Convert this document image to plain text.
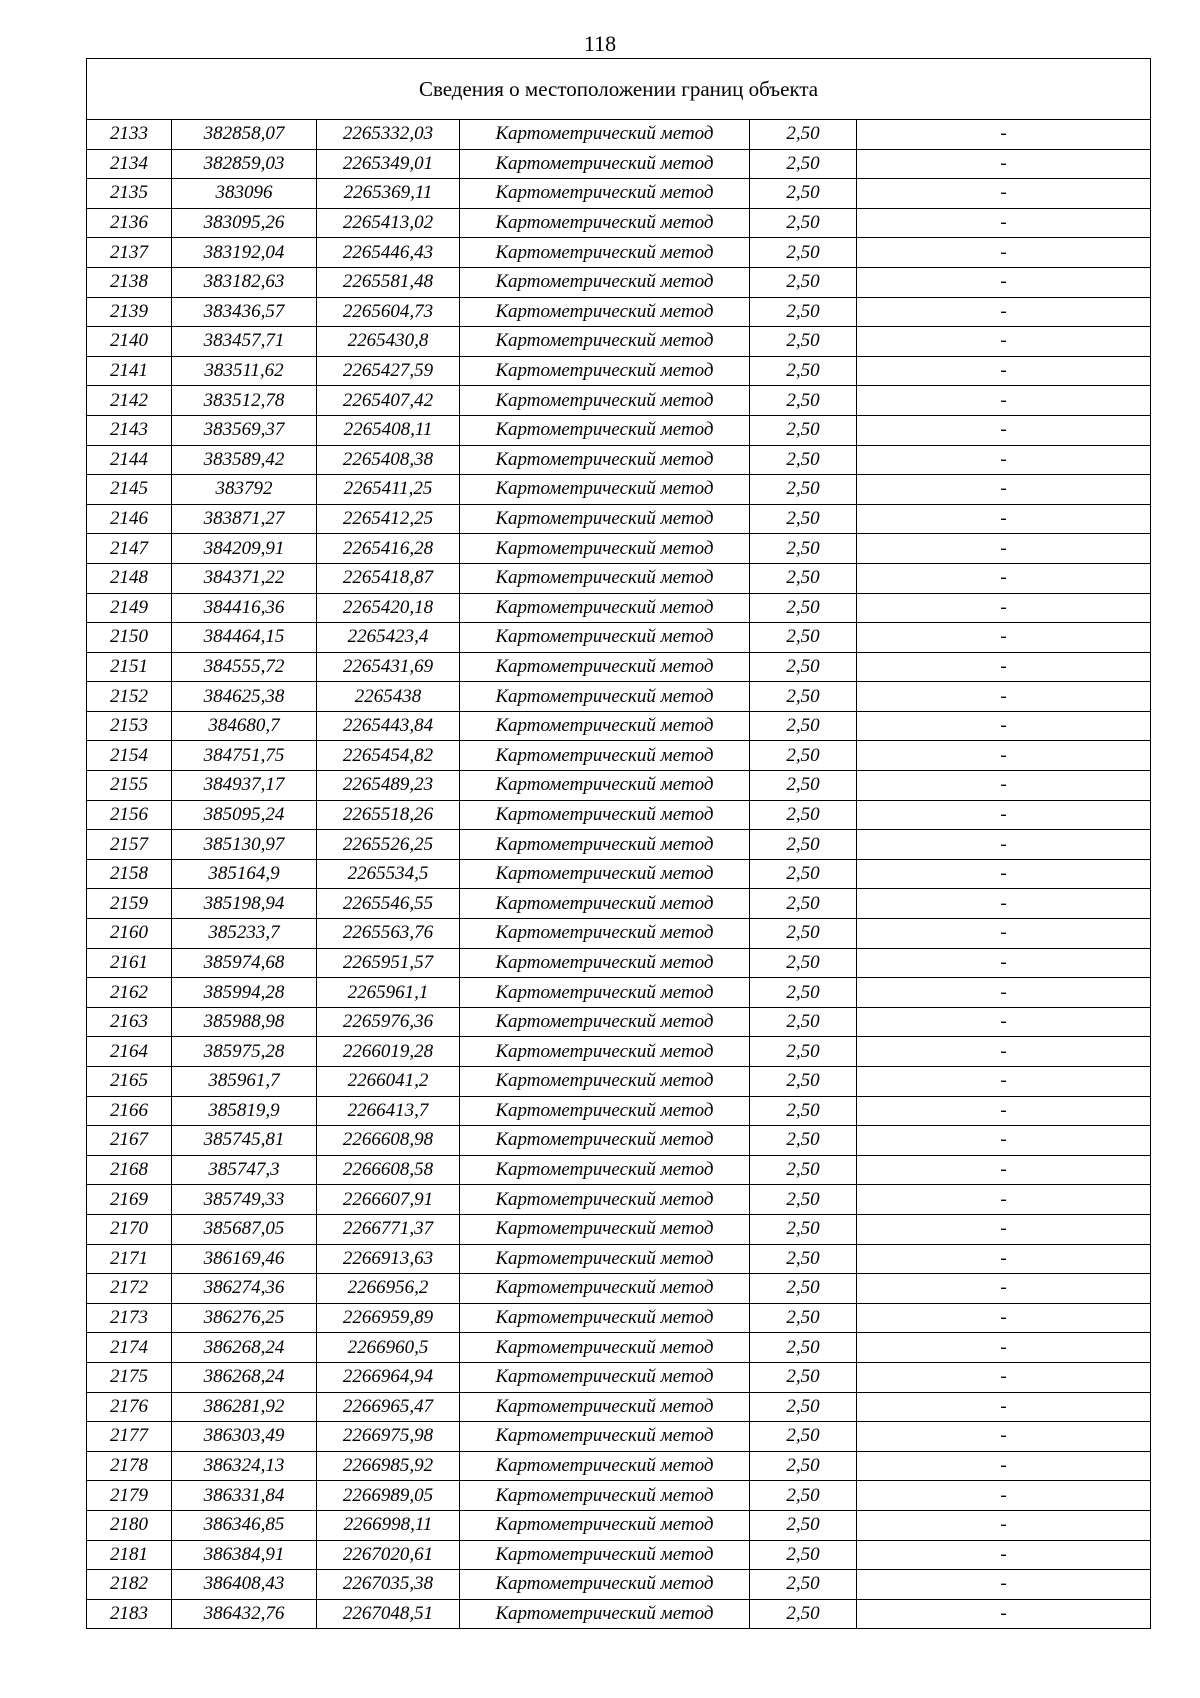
118
Сведения о местоположении границ объекта					
2133	382858,07	2265332,03	Картометрический метод	2,50	-
2134	382859,03	2265349,01	Картометрический метод	2,50	-
2135	383096	2265369,11	Картометрический метод	2,50	-
2136	383095,26	2265413,02	Картометрический метод	2,50	-
2137	383192,04	2265446,43	Картометрический метод	2,50	-
2138	383182,63	2265581,48	Картометрический метод	2,50	-
2139	383436,57	2265604,73	Картометрический метод	2,50	-
2140	383457,71	2265430,8	Картометрический метод	2,50	-
2141	383511,62	2265427,59	Картометрический метод	2,50	-
2142	383512,78	2265407,42	Картометрический метод	2,50	-
2143	383569,37	2265408,11	Картометрический метод	2,50	-
2144	383589,42	2265408,38	Картометрический метод	2,50	-
2145	383792	2265411,25	Картометрический метод	2,50	-
2146	383871,27	2265412,25	Картометрический метод	2,50	-
2147	384209,91	2265416,28	Картометрический метод	2,50	-
2148	384371,22	2265418,87	Картометрический метод	2,50	-
2149	384416,36	2265420,18	Картометрический метод	2,50	-
2150	384464,15	2265423,4	Картометрический метод	2,50	-
2151	384555,72	2265431,69	Картометрический метод	2,50	-
2152	384625,38	2265438	Картометрический метод	2,50	-
2153	384680,7	2265443,84	Картометрический метод	2,50	-
2154	384751,75	2265454,82	Картометрический метод	2,50	-
2155	384937,17	2265489,23	Картометрический метод	2,50	-
2156	385095,24	2265518,26	Картометрический метод	2,50	-
2157	385130,97	2265526,25	Картометрический метод	2,50	-
2158	385164,9	2265534,5	Картометрический метод	2,50	-
2159	385198,94	2265546,55	Картометрический метод	2,50	-
2160	385233,7	2265563,76	Картометрический метод	2,50	-
2161	385974,68	2265951,57	Картометрический метод	2,50	-
2162	385994,28	2265961,1	Картометрический метод	2,50	-
2163	385988,98	2265976,36	Картометрический метод	2,50	-
2164	385975,28	2266019,28	Картометрический метод	2,50	-
2165	385961,7	2266041,2	Картометрический метод	2,50	-
2166	385819,9	2266413,7	Картометрический метод	2,50	-
2167	385745,81	2266608,98	Картометрический метод	2,50	-
2168	385747,3	2266608,58	Картометрический метод	2,50	-
2169	385749,33	2266607,91	Картометрический метод	2,50	-
2170	385687,05	2266771,37	Картометрический метод	2,50	-
2171	386169,46	2266913,63	Картометрический метод	2,50	-
2172	386274,36	2266956,2	Картометрический метод	2,50	-
2173	386276,25	2266959,89	Картометрический метод	2,50	-
2174	386268,24	2266960,5	Картометрический метод	2,50	-
2175	386268,24	2266964,94	Картометрический метод	2,50	-
2176	386281,92	2266965,47	Картометрический метод	2,50	-
2177	386303,49	2266975,98	Картометрический метод	2,50	-
2178	386324,13	2266985,92	Картометрический метод	2,50	-
2179	386331,84	2266989,05	Картометрический метод	2,50	-
2180	386346,85	2266998,11	Картометрический метод	2,50	-
2181	386384,91	2267020,61	Картометрический метод	2,50	-
2182	386408,43	2267035,38	Картометрический метод	2,50	-
2183	386432,76	2267048,51	Картометрический метод	2,50	-
